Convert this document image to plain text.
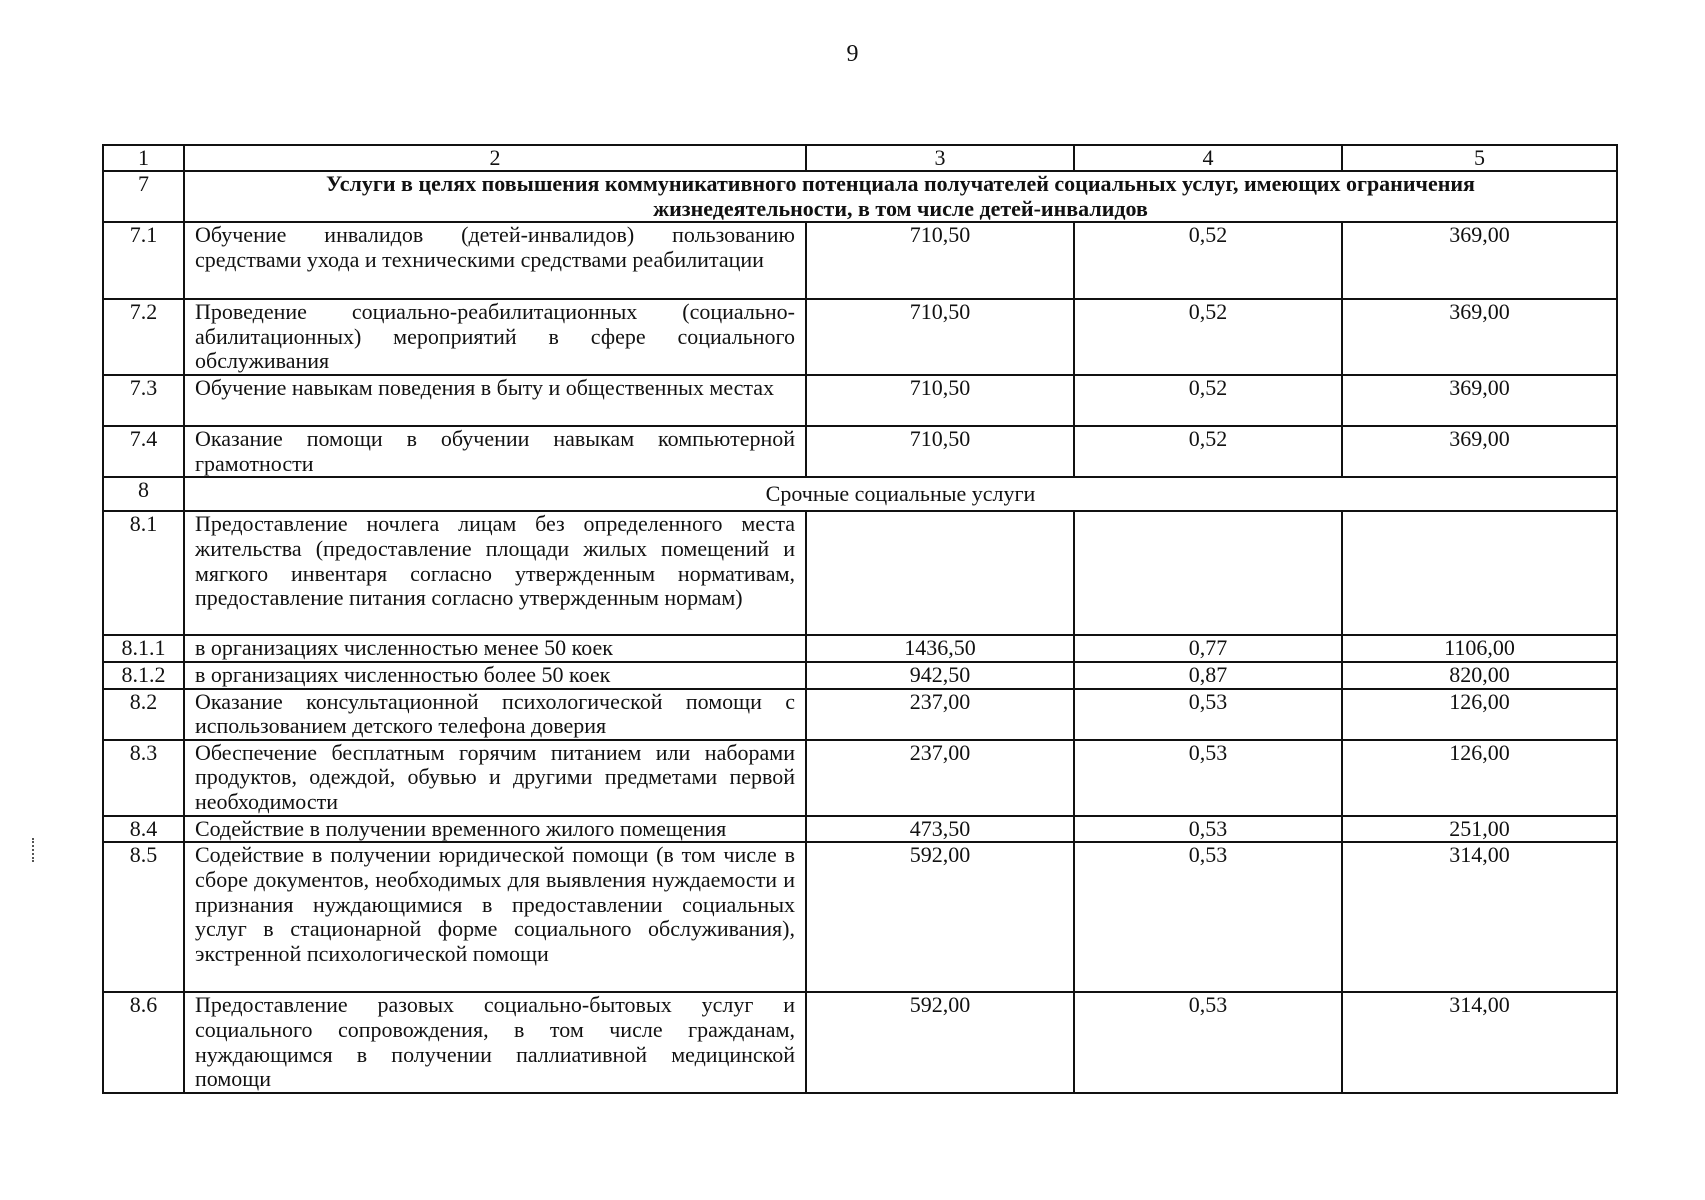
9
1	2	3	4	5
7	Услуги в целях повышения коммуникативного потенциала получателей социальных услуг, имеющих ограничения жизнедеятельности, в том числе детей-инвалидов			
7.1	Обучение инвалидов (детей-инвалидов) пользованию средствами ухода и техническими средствами реабилитации	710,50	0,52	369,00
7.2	Проведение социально-реабилитационных (социально-абилитационных) мероприятий в сфере социального обслуживания	710,50	0,52	369,00
7.3	Обучение навыкам поведения в быту и общественных местах	710,50	0,52	369,00
7.4	Оказание помощи в обучении навыкам компьютерной грамотности	710,50	0,52	369,00
8	Срочные социальные услуги			
8.1	Предоставление ночлега лицам без определенного места жительства (предоставление площади жилых помещений и мягкого инвентаря согласно утвержденным нормативам, предоставление питания согласно утвержденным нормам)			
8.1.1	в организациях численностью менее 50 коек	1436,50	0,77	1106,00
8.1.2	в организациях численностью более 50 коек	942,50	0,87	820,00
8.2	Оказание консультационной психологической помощи с использованием детского телефона доверия	237,00	0,53	126,00
8.3	Обеспечение бесплатным горячим питанием или наборами продуктов, одеждой, обувью и другими предметами первой необходимости	237,00	0,53	126,00
8.4	Содействие в получении временного жилого помещения	473,50	0,53	251,00
8.5	Содействие в получении юридической помощи (в том числе в сборе документов, необходимых для выявления нуждаемости и признания нуждающимися в предоставлении социальных услуг в стационарной форме социального обслуживания), экстренной психологической помощи	592,00	0,53	314,00
8.6	Предоставление разовых социально-бытовых услуг и социального сопровождения, в том числе гражданам, нуждающимся в получении паллиативной медицинской помощи	592,00	0,53	314,00
